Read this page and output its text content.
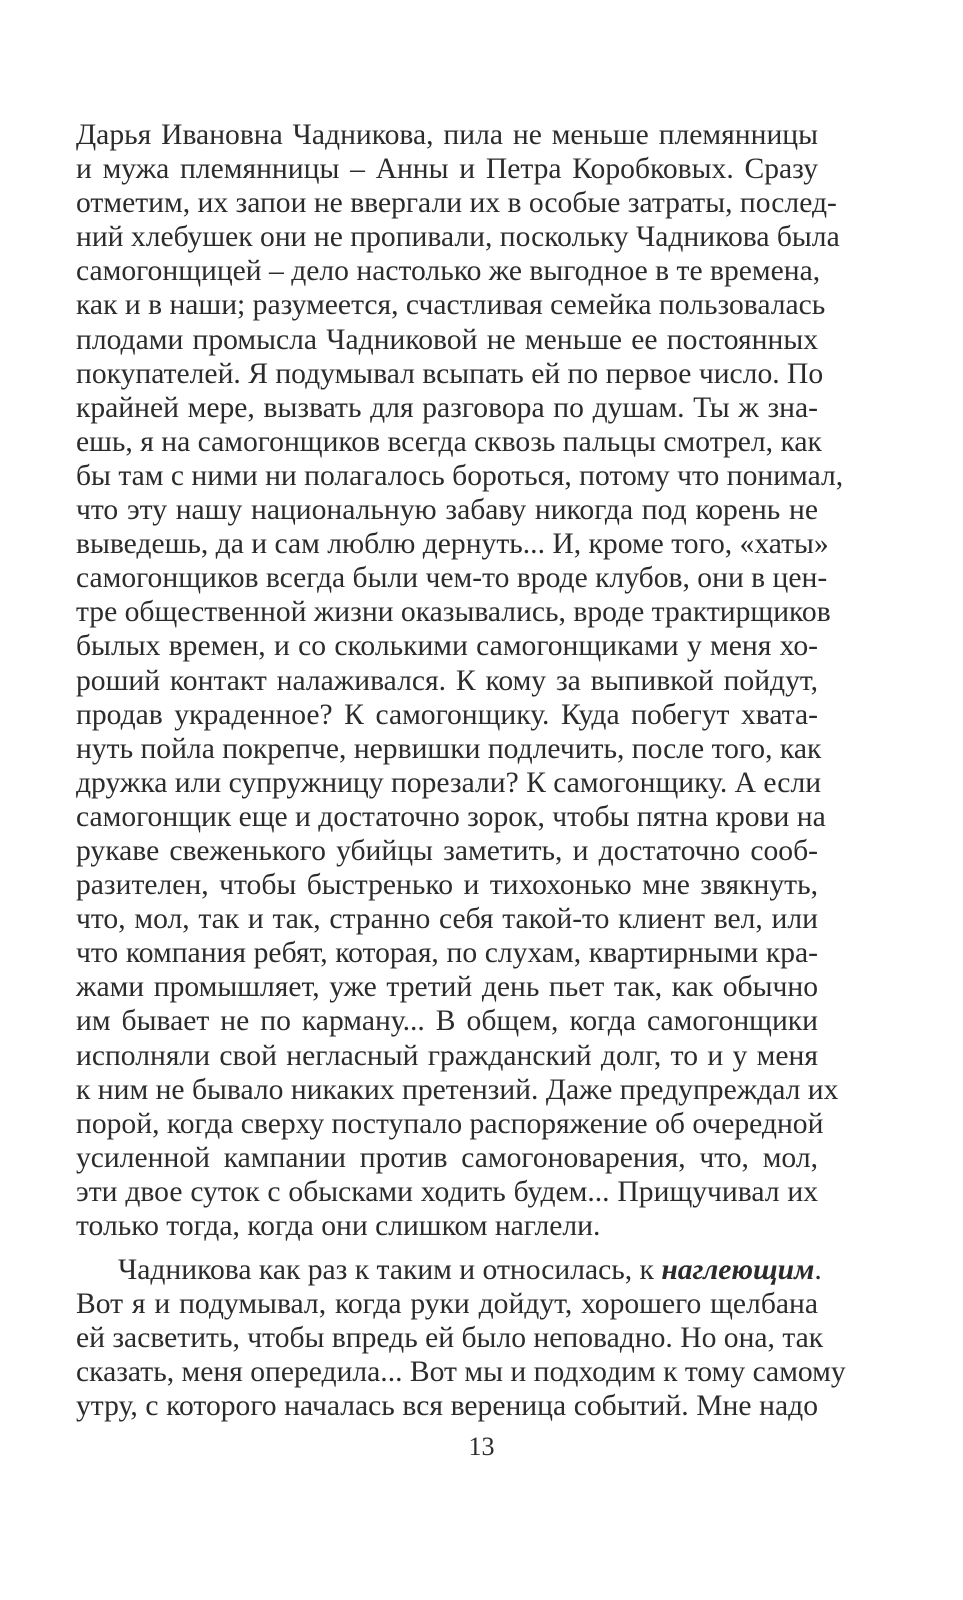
Дарья Ивановна Чадникова, пила не меньше племянницы
и мужа племянницы – Анны и Петра Коробковых. Сразу
отметим, их запои не ввергали их в особые затраты, послед-
ний хлебушек они не пропивали, поскольку Чадникова была
самогонщицей – дело настолько же выгодное в те времена,
как и в наши; разумеется, счастливая семейка пользовалась
плодами промысла Чадниковой не меньше ее постоянных
покупателей. Я подумывал всыпать ей по первое число. По
крайней мере, вызвать для разговора по душам. Ты ж зна-
ешь, я на самогонщиков всегда сквозь пальцы смотрел, как
бы там с ними ни полагалось бороться, потому что понимал,
что эту нашу национальную забаву никогда под корень не
выведешь, да и сам люблю дернуть... И, кроме того, «хаты»
самогонщиков всегда были чем-то вроде клубов, они в цен-
тре общественной жизни оказывались, вроде трактирщиков
былых времен, и со сколькими самогонщиками у меня хо-
роший контакт налаживался. К кому за выпивкой пойдут,
продав украденное? К самогонщику. Куда побегут хвата-
нуть пойла покрепче, нервишки подлечить, после того, как
дружка или супружницу порезали? К самогонщику. А если
самогонщик еще и достаточно зорок, чтобы пятна крови на
рукаве свеженького убийцы заметить, и достаточно сооб-
разителен, чтобы быстренько и тихохонько мне звякнуть,
что, мол, так и так, странно себя такой-то клиент вел, или
что компания ребят, которая, по слухам, квартирными кра-
жами промышляет, уже третий день пьет так, как обычно
им бывает не по карману... В общем, когда самогонщики
исполняли свой негласный гражданский долг, то и у меня
к ним не бывало никаких претензий. Даже предупреждал их
порой, когда сверху поступало распоряжение об очередной
усиленной кампании против самогоноварения, что, мол,
эти двое суток с обысками ходить будем... Прищучивал их
только тогда, когда они слишком наглели.
Чадникова как раз к таким и относилась, к наглеющим.
Вот я и подумывал, когда руки дойдут, хорошего щелбана
ей засветить, чтобы впредь ей было неповадно. Но она, так
сказать, меня опередила... Вот мы и подходим к тому самому
утру, с которого началась вся вереница событий. Мне надо
13
